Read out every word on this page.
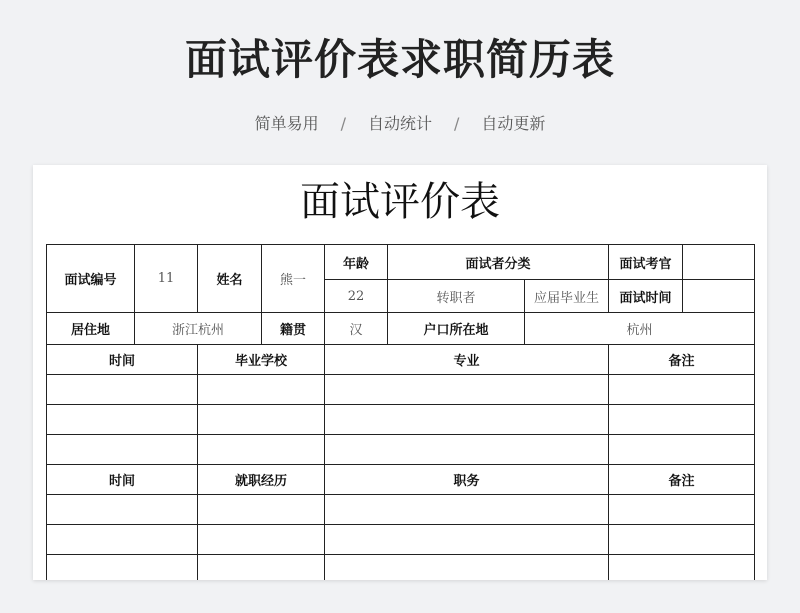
面试评价表求职简历表
简单易用 / 自动统计 / 自动更新
面试评价表
面试编号	11	姓名	熊一	年龄	面试者分类		面试考官	
				22	转职者	应届毕业生	面试时间	
居住地	浙江杭州		籍贯	汉	户口所在地	杭州		
时间		毕业学校		专业			备注	

时间		就职经历		职务			备注	
